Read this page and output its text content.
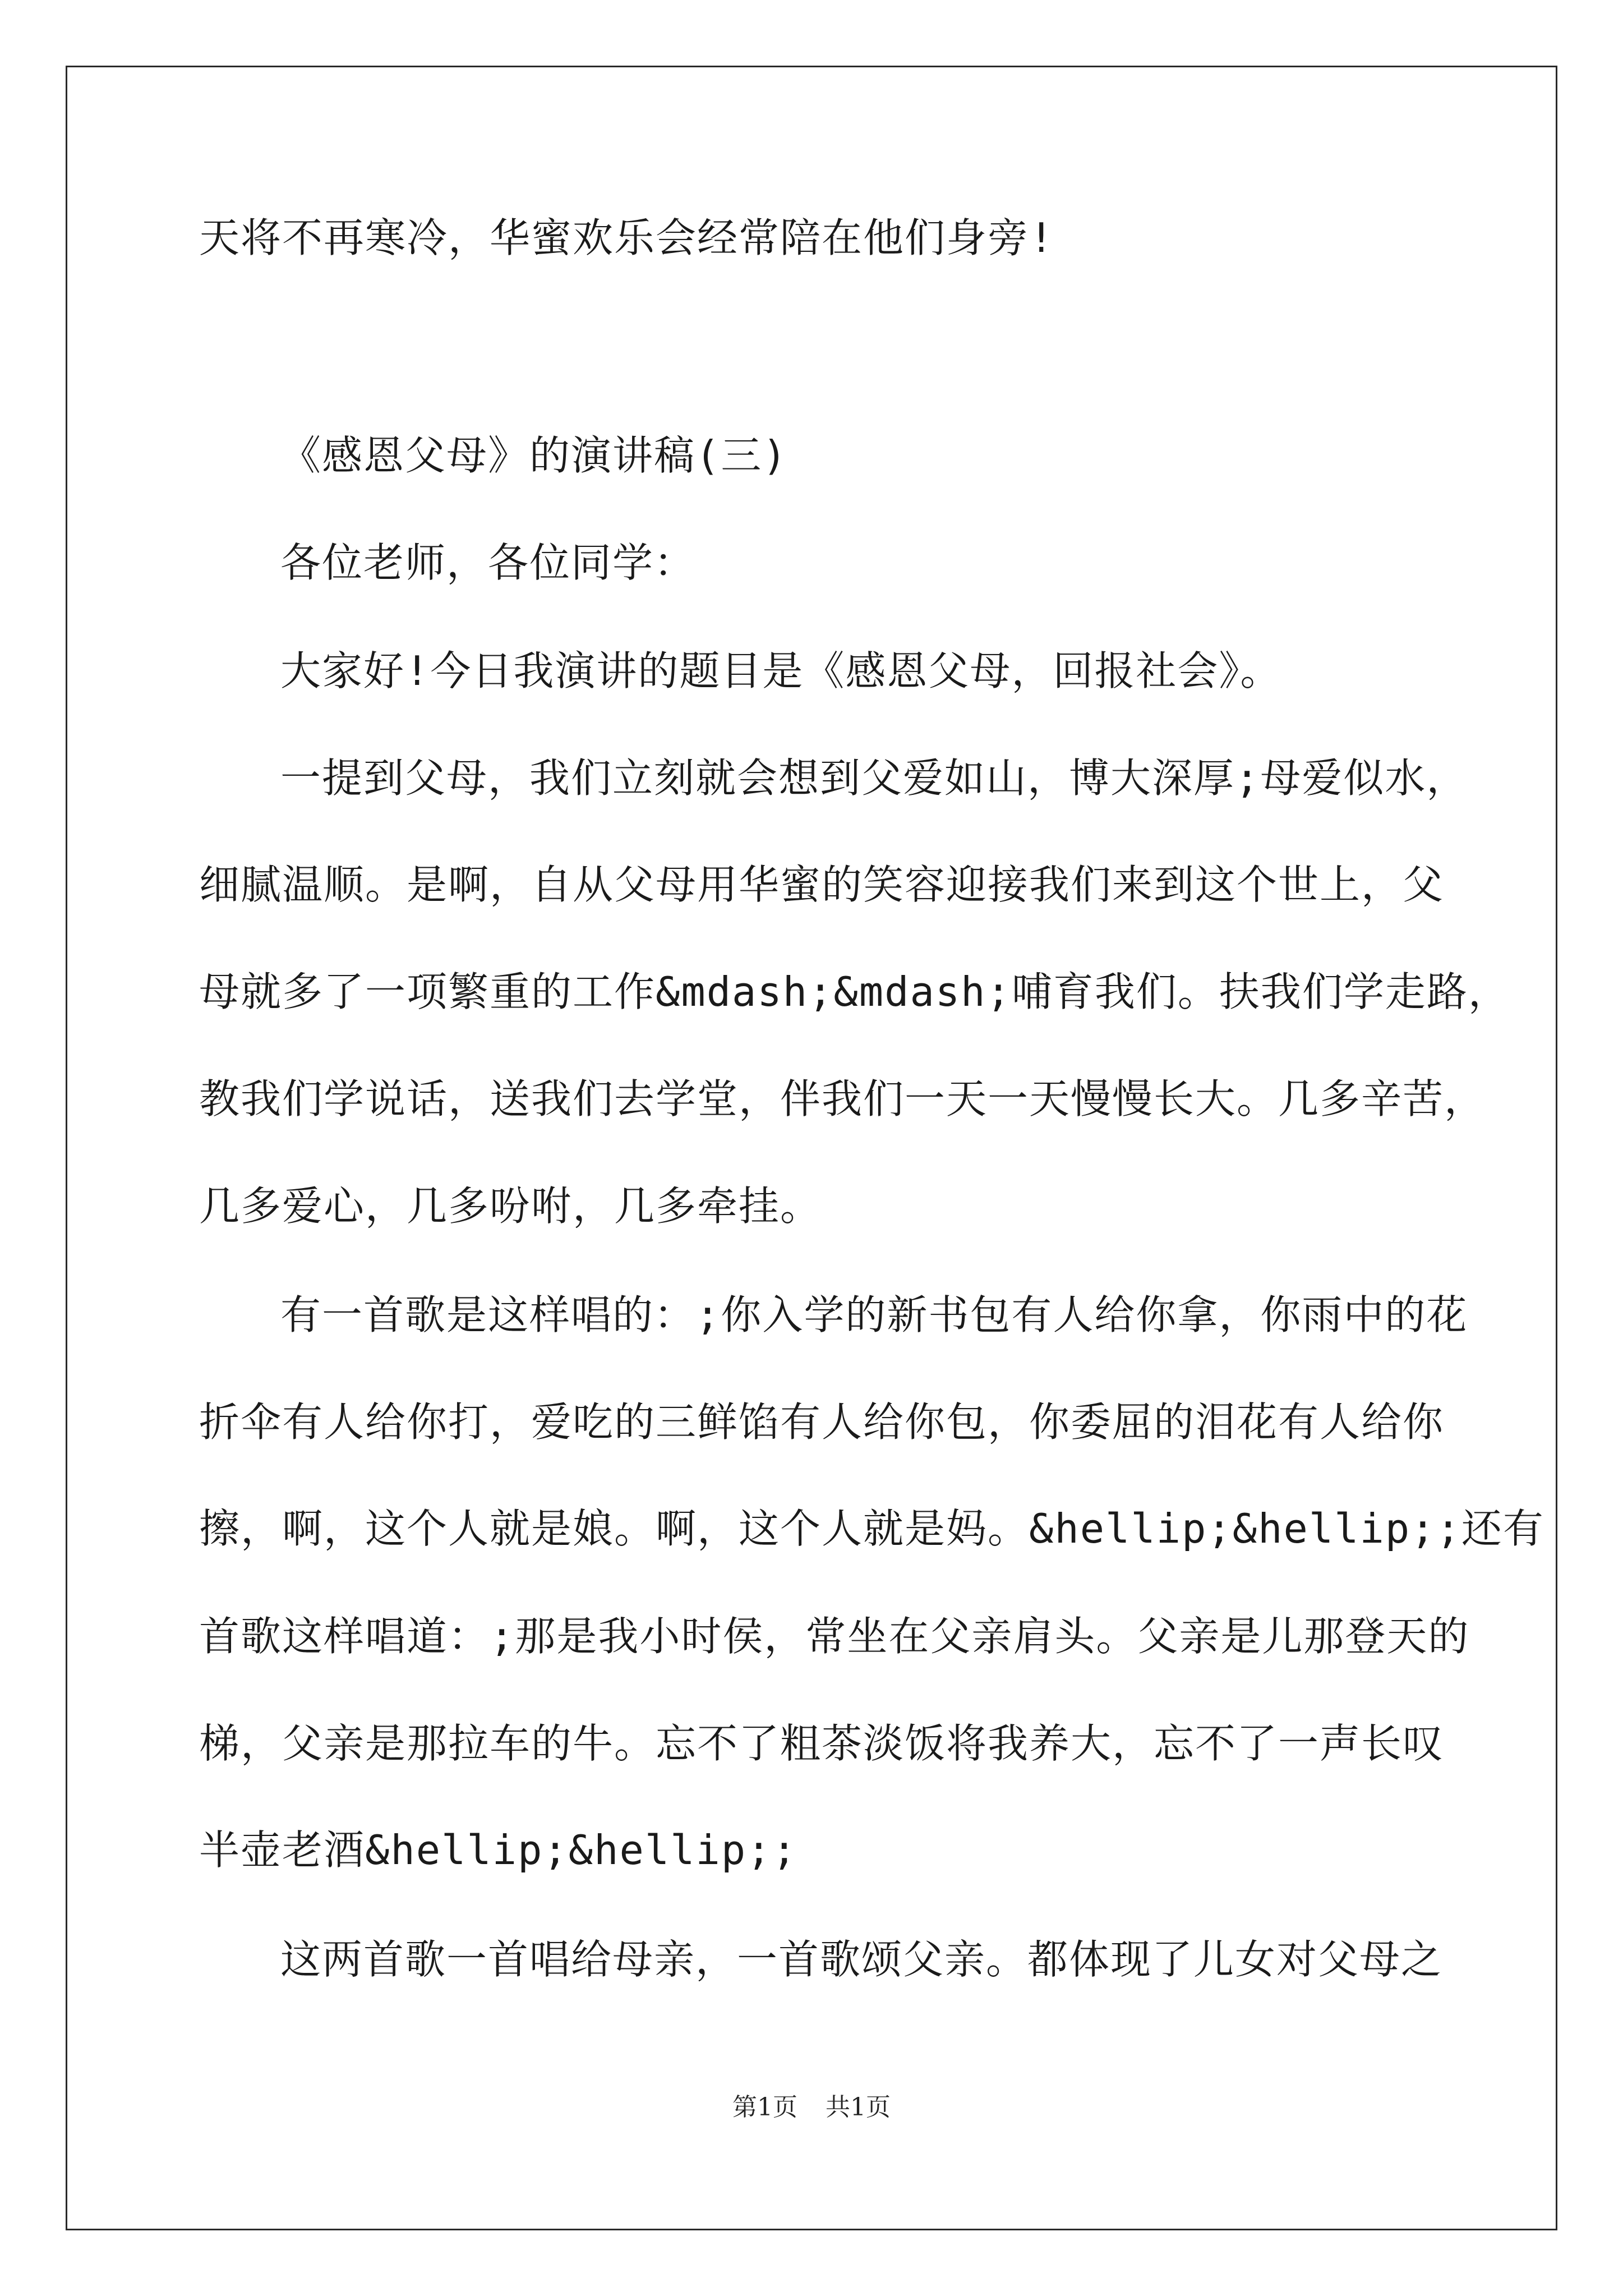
天将不再寒冷，华蜜欢乐会经常陪在他们身旁!
《感恩父母》的演讲稿(三)
各位老师，各位同学：
大家好!今日我演讲的题目是《感恩父母，回报社会》。
一提到父母，我们立刻就会想到父爱如山，博大深厚;母爱似水，
细腻温顺。是啊，自从父母用华蜜的笑容迎接我们来到这个世上，父
母就多了一项繁重的工作&mdash;&mdash;哺育我们。扶我们学走路，
教我们学说话，送我们去学堂，伴我们一天一天慢慢长大。几多辛苦，
几多爱心，几多吩咐，几多牵挂。
有一首歌是这样唱的：;你入学的新书包有人给你拿，你雨中的花
折伞有人给你打，爱吃的三鲜馅有人给你包，你委屈的泪花有人给你
擦，啊，这个人就是娘。啊，这个人就是妈。&hellip;&hellip;;还有
首歌这样唱道：;那是我小时侯，常坐在父亲肩头。父亲是儿那登天的
梯，父亲是那拉车的牛。忘不了粗茶淡饭将我养大，忘不了一声长叹
半壶老酒&hellip;&hellip;;
这两首歌一首唱给母亲，一首歌颂父亲。都体现了儿女对父母之
第1页 共1页
